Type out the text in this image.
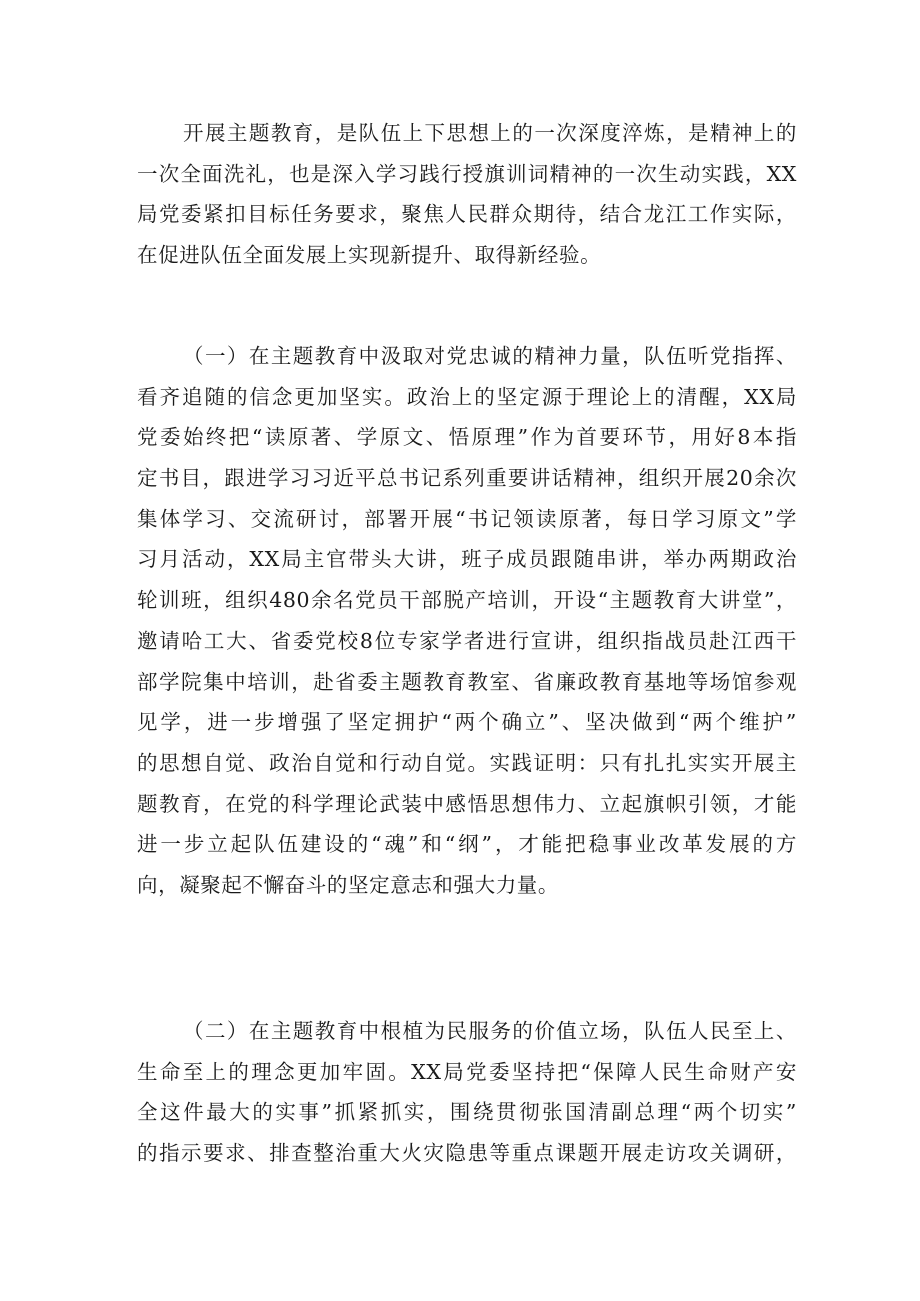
开展主题教育，是队伍上下思想上的一次深度淬炼，是精神上的
一次全面洗礼，也是深入学习践行授旗训词精神的一次生动实践，XX
局党委紧扣目标任务要求，聚焦人民群众期待，结合龙江工作实际，
在促进队伍全面发展上实现新提升、取得新经验。
（一）在主题教育中汲取对党忠诚的精神力量，队伍听党指挥、
看齐追随的信念更加坚实。政治上的坚定源于理论上的清醒，XX局
党委始终把“读原著、学原文、悟原理”作为首要环节，用好8本指
定书目，跟进学习习近平总书记系列重要讲话精神，组织开展20余次
集体学习、交流研讨，部署开展“书记领读原著，每日学习原文”学
习月活动，XX局主官带头大讲，班子成员跟随串讲，举办两期政治
轮训班，组织480余名党员干部脱产培训，开设“主题教育大讲堂”，
邀请哈工大、省委党校8位专家学者进行宣讲，组织指战员赴江西干
部学院集中培训，赴省委主题教育教室、省廉政教育基地等场馆参观
见学，进一步增强了坚定拥护“两个确立”、坚决做到“两个维护”
的思想自觉、政治自觉和行动自觉。实践证明：只有扎扎实实开展主
题教育，在党的科学理论武装中感悟思想伟力、立起旗帜引领，才能
进一步立起队伍建设的“魂”和“纲”，才能把稳事业改革发展的方
向，凝聚起不懈奋斗的坚定意志和强大力量。
（二）在主题教育中根植为民服务的价值立场，队伍人民至上、
生命至上的理念更加牢固。XX局党委坚持把“保障人民生命财产安
全这件最大的实事”抓紧抓实，围绕贯彻张国清副总理“两个切实”
的指示要求、排查整治重大火灾隐患等重点课题开展走访攻关调研，
